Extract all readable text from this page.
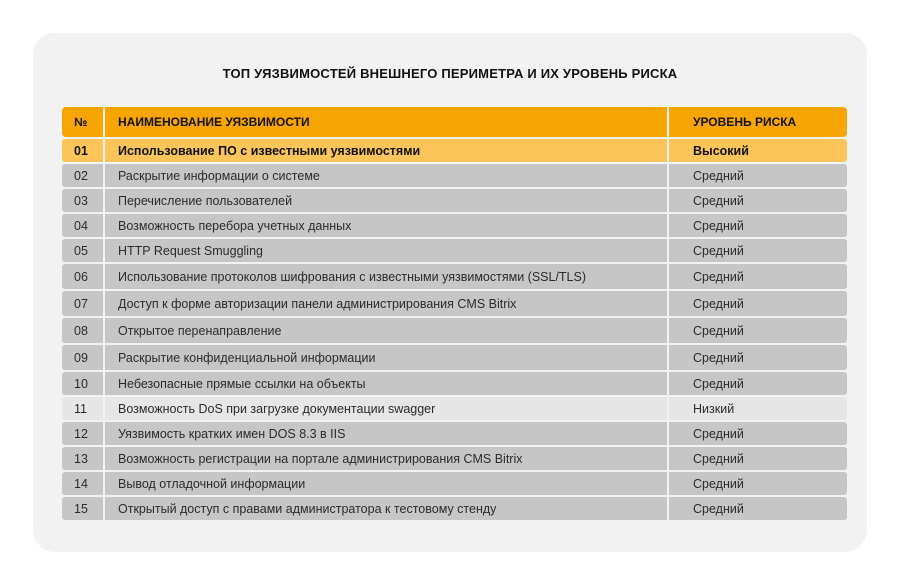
ТОП УЯЗВИМОСТЕЙ ВНЕШНЕГО ПЕРИМЕТРА И ИХ УРОВЕНЬ РИСКА
№	НАИМЕНОВАНИЕ УЯЗВИМОСТИ	УРОВЕНЬ РИСКА
01	Использование ПО с известными уязвимостями	Высокий
02	Раскрытие информации о системе	Средний
03	Перечисление пользователей	Средний
04	Возможность перебора учетных данных	Средний
05	HTTP Request Smuggling	Средний
06	Использование протоколов шифрования с известными уязвимостями (SSL/TLS)	Средний
07	Доступ к форме авторизации панели администрирования CMS Bitrix	Средний
08	Открытое перенаправление	Средний
09	Раскрытие конфиденциальной информации	Средний
10	Небезопасные прямые ссылки на объекты	Средний
11	Возможность DoS при загрузке документации swagger	Низкий
12	Уязвимость кратких имен DOS 8.3 в IIS	Средний
13	Возможность регистрации на портале администрирования CMS Bitrix	Средний
14	Вывод отладочной информации	Средний
15	Открытый доступ с правами администратора к тестовому стенду	Средний
